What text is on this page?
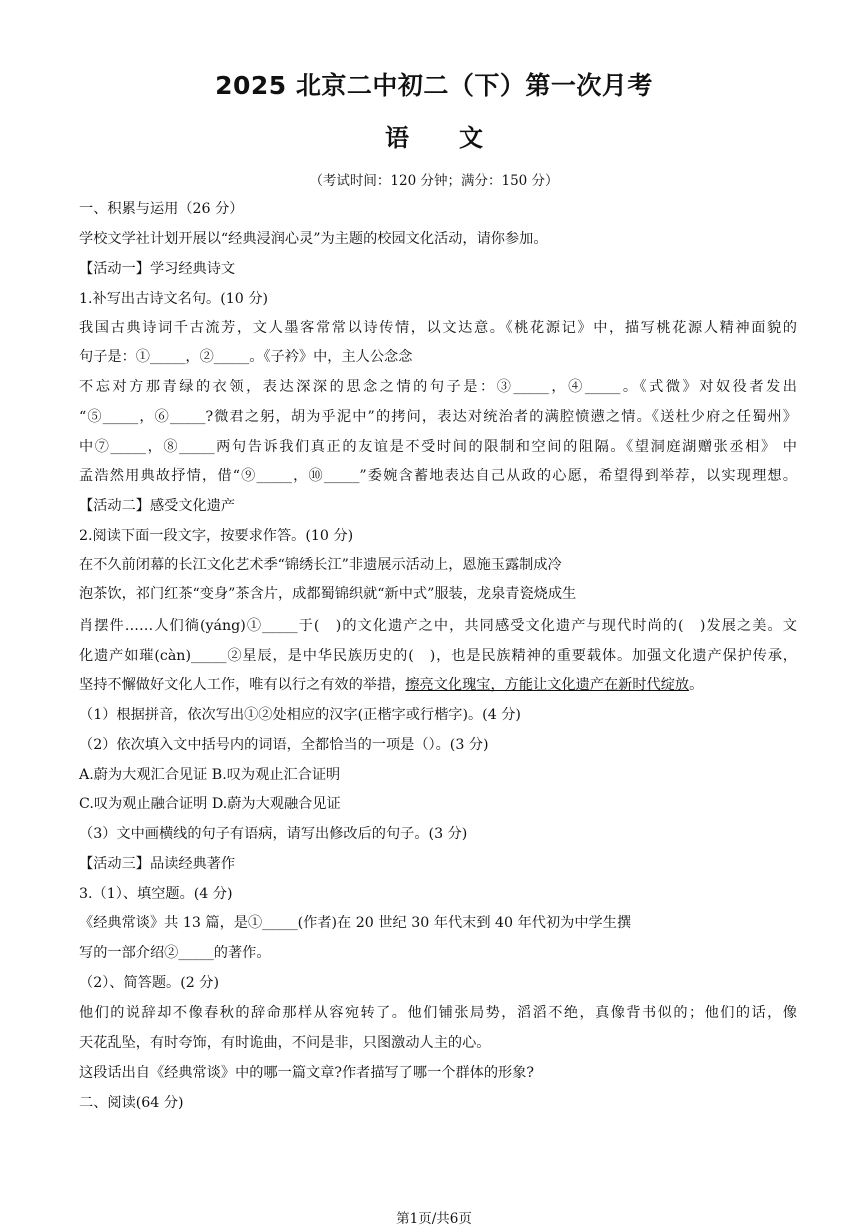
2025 北京二中初二（下）第一次月考
语文
（考试时间：120 分钟；满分：150 分）
一、积累与运用（26 分）
学校文学社计划开展以“经典浸润心灵”为主题的校园文化活动，请你参加。
【活动一】学习经典诗文
1.补写出古诗文名句。(10 分)
我国古典诗词千古流芳，文人墨客常常以诗传情，以文达意。《桃花源记》中，描写桃花源人精神面貌的
句子是：①_____，②_____。《子衿》中，主人公念念
不忘对方那青绿的衣领，表达深深的思念之情的句子是：③_____，④_____。《式微》对奴役者发出
“⑤_____，⑥_____?微君之躬，胡为乎泥中”的拷问，表达对统治者的满腔愤懑之情。《送杜少府之任蜀州》
中⑦_____，⑧_____两句告诉我们真正的友谊是不受时间的限制和空间的阻隔。《望洞庭湖赠张丞相》 中
孟浩然用典故抒情，借“⑨_____，⑩_____”委婉含蓄地表达自己从政的心愿，希望得到举荐，以实现理想。
【活动二】感受文化遗产
2.阅读下面一段文字，按要求作答。(10 分)
在不久前闭幕的长江文化艺术季“锦绣长江”非遗展示活动上，恩施玉露制成冷
泡茶饮，祁门红茶“变身”茶含片，成都蜀锦织就“新中式”服装，龙泉青瓷烧成生
肖摆件……人们徜(yáng)①_____于(　)的文化遗产之中，共同感受文化遗产与现代时尚的(　)发展之美。文
化遗产如璀(càn)_____②星辰，是中华民族历史的(　)，也是民族精神的重要载体。加强文化遗产保护传承，
坚持不懈做好文化人工作，唯有以行之有效的举措，擦亮文化瑰宝，方能让文化遗产在新时代绽放。
（1）根据拼音，依次写出①②处相应的汉字(正楷字或行楷字)。(4 分)
（2）依次填入文中括号内的词语，全都恰当的一项是（）。(3 分)
A.蔚为大观汇合见证 B.叹为观止汇合证明
C.叹为观止融合证明 D.蔚为大观融合见证
（3）文中画横线的句子有语病，请写出修改后的句子。(3 分)
【活动三】品读经典著作
3.（1）、填空题。(4 分)
《经典常谈》共 13 篇，是①_____(作者)在 20 世纪 30 年代末到 40 年代初为中学生撰
写的一部介绍②_____的著作。
（2）、简答题。(2 分)
他们的说辞却不像春秋的辞命那样从容宛转了。他们铺张局势，滔滔不绝，真像背书似的；他们的话，像
天花乱坠，有时夸饰，有时诡曲，不问是非，只图激动人主的心。
这段话出自《经典常谈》中的哪一篇文章?作者描写了哪一个群体的形象?
二、阅读(64 分)
第1页/共6页
